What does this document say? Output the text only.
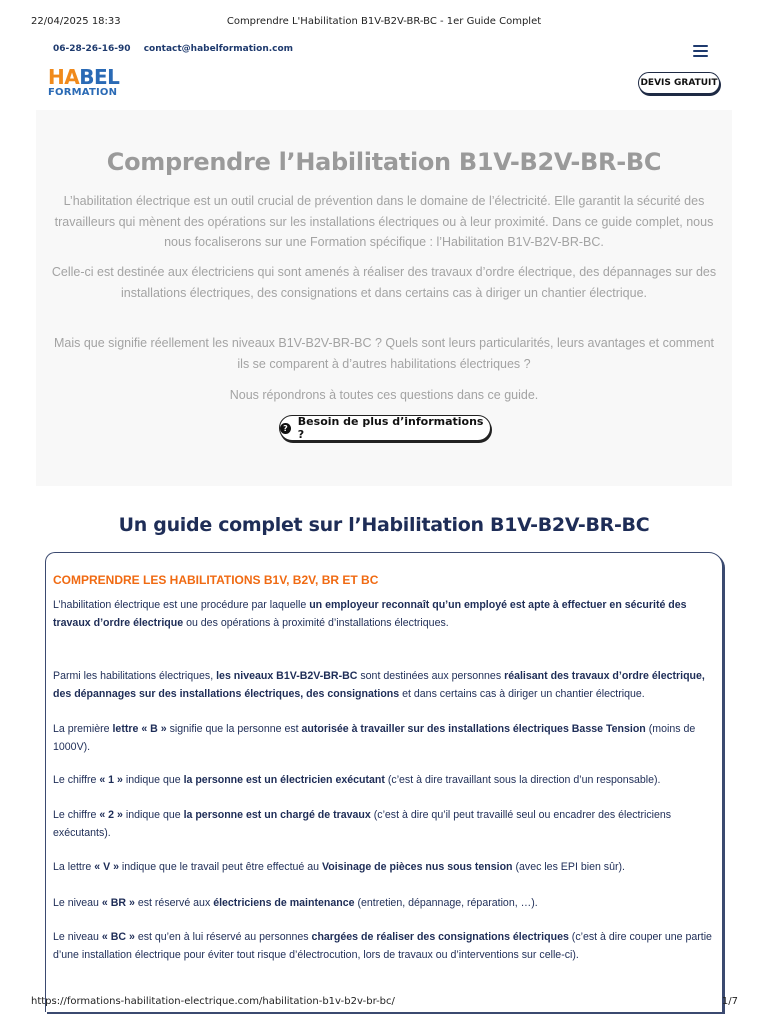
22/04/2025 18:33	Comprendre L'Habilitation B1V-B2V-BR-BC - 1er Guide Complet
06-28-26-16-90 contact@habelformation.com
HABEL
FORMATION
DEVIS GRATUIT
Comprendre l’Habilitation B1V-B2V-BR-BC

L’habilitation électrique est un outil crucial de prévention dans le domaine de l’électricité. Elle garantit la sécurité des travailleurs qui mènent des opérations sur les installations électriques ou à leur proximité. Dans ce guide complet, nous nous focaliserons sur une Formation spécifique : l’Habilitation B1V-B2V-BR-BC.

Celle-ci est destinée aux électriciens qui sont amenés à réaliser des travaux d’ordre électrique, des dépannages sur des installations électriques, des consignations et dans certains cas à diriger un chantier électrique.

Mais que signifie réellement les niveaux B1V-B2V-BR-BC ? Quels sont leurs particularités, leurs avantages et comment ils se comparent à d’autres habilitations électriques ?

Nous répondrons à toutes ces questions dans ce guide.

? Besoin de plus d’informations ?
Un guide complet sur l’Habilitation B1V-B2V-BR-BC
COMPRENDRE LES HABILITATIONS B1V, B2V, BR ET BC
L’habilitation électrique est une procédure par laquelle un employeur reconnaît qu’un employé est apte à effectuer en sécurité des travaux d’ordre électrique ou des opérations à proximité d’installations électriques.
Parmi les habilitations électriques, les niveaux B1V-B2V-BR-BC sont destinées aux personnes réalisant des travaux d’ordre électrique, des dépannages sur des installations électriques, des consignations et dans certains cas à diriger un chantier électrique.
La première lettre « B » signifie que la personne est autorisée à travailler sur des installations électriques Basse Tension (moins de 1000V).
Le chiffre « 1 » indique que la personne est un électricien exécutant (c’est à dire travaillant sous la direction d’un responsable).
Le chiffre « 2 » indique que la personne est un chargé de travaux (c’est à dire qu’il peut travaillé seul ou encadrer des électriciens exécutants).
La lettre « V » indique que le travail peut être effectué au Voisinage de pièces nus sous tension (avec les EPI bien sûr).
Le niveau « BR » est réservé aux électriciens de maintenance (entretien, dépannage, réparation, …).
Le niveau « BC » est qu’en à lui réservé au personnes chargées de réaliser des consignations électriques (c’est à dire couper une partie d’une installation électrique pour éviter tout risque d’électrocution, lors de travaux ou d’interventions sur celle-ci).
https://formations-habilitation-electrique.com/habilitation-b1v-b2v-br-bc/	1/7
